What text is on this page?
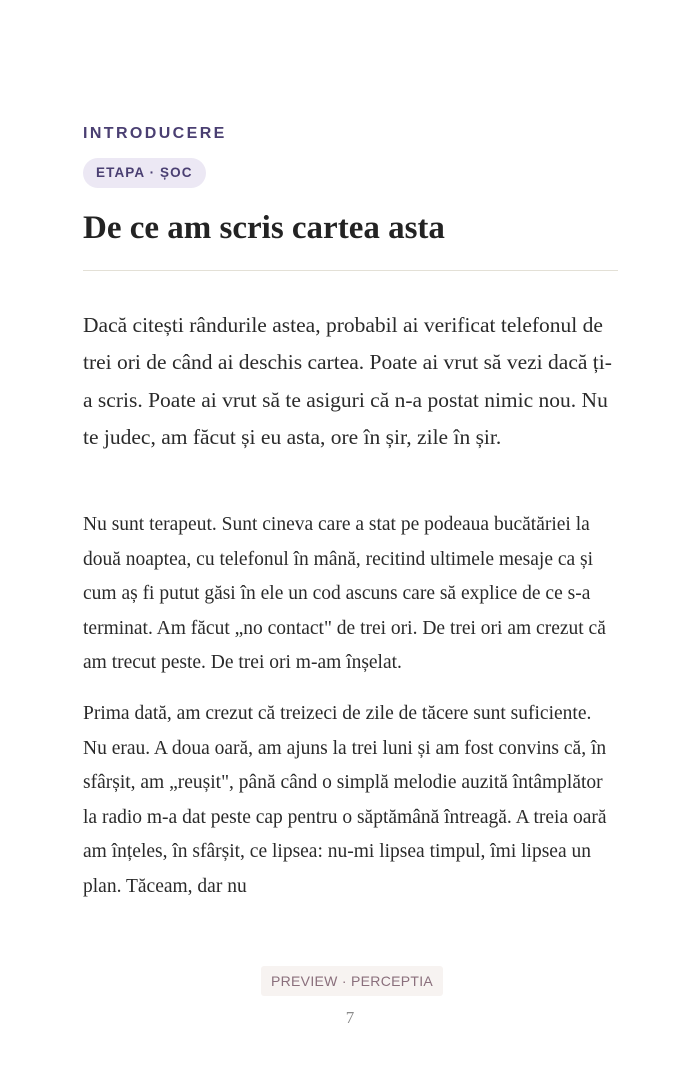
INTRODUCERE
ETAPA · ȘOC
De ce am scris cartea asta

Dacă citești rândurile astea, probabil ai verificat telefonul de trei ori de când ai deschis cartea. Poate ai vrut să vezi dacă ți-a scris. Poate ai vrut să te asiguri că n-a postat nimic nou. Nu te judec, am făcut și eu asta, ore în șir, zile în șir.

Nu sunt terapeut. Sunt cineva care a stat pe podeaua bucătăriei la două noaptea, cu telefonul în mână, recitind ultimele mesaje ca și cum aș fi putut găsi în ele un cod ascuns care să explice de ce s-a terminat. Am făcut „no contact" de trei ori. De trei ori am crezut că am trecut peste. De trei ori m-am înșelat.

Prima dată, am crezut că treizeci de zile de tăcere sunt suficiente. Nu erau. A doua oară, am ajuns la trei luni și am fost convins că, în sfârșit, am „reușit", până când o simplă melodie auzită întâmplător la radio m-a dat peste cap pentru o săptămână întreagă. A treia oară am înțeles, în sfârșit, ce lipsea: nu-mi lipsea timpul, îmi lipsea un plan. Tăceam, dar nu

PREVIEW · PERCEPTIA
7
